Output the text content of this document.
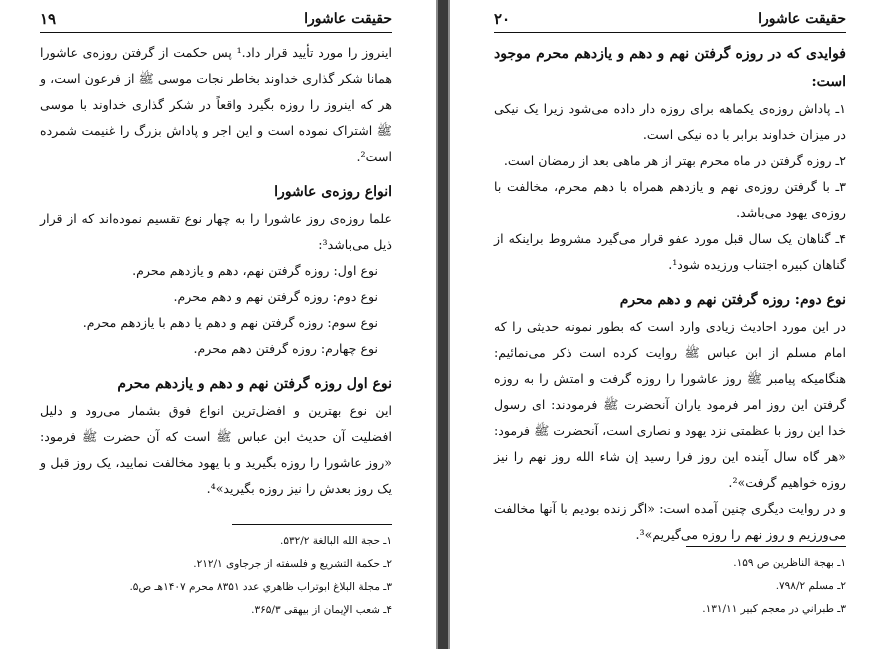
حقیقت عاشورا
۱۹

اینروز را مورد تأیید قرار داد.¹ پس حکمت از گرفتن روزه‌ی عاشورا همانا شکر گذاری خداوند بخاطر نجات موسی ﷺ از فرعون است، و هر که اینروز را روزه بگیرد واقعاً در شکر گذاری خداوند با موسی ﷺ اشتراک نموده است و این اجر و پاداش بزرگ را غنیمت شمرده است².

انواع روزه‌ی عاشورا

علما روزه‌ی روز عاشورا را به چهار نوع تقسیم نموده‌اند که از قرار ذیل می‌باشد³:

نوع اول: روزه گرفتن نهم، دهم و یازدهم محرم.

نوع دوم: روزه گرفتن نهم و دهم محرم.

نوع سوم: روزه گرفتن نهم و دهم یا دهم با یازدهم محرم.

نوع چهارم: روزه گرفتن دهم محرم.

نوع اول روزه گرفتن نهم و دهم و یازدهم محرم

این نوع بهترین و افضل‌ترین انواع فوق بشمار می‌رود و دلیل افضلیت آن حدیث ابن عباس ﷺ است که آن حضرت ﷺ فرمود: «روز عاشورا را روزه بگیرید و با یهود مخالفت نمایید، یک روز قبل و یک روز بعدش را نیز روزه بگیرید»⁴.

۱ـ حجة الله البالغة ۵۳۲/۲.
۲ـ حکمة التشریع و فلسفته از جرجاوی ۲۱۲/۱.
۳ـ مجلة البلاغ ابوتراب ظاهري عدد ۸۳۵۱ محرم ۱۴۰۷هـ ص۵.
۴ـ شعب الإيمان از بیهقی ۳۶۵/۳.
حقیقت عاشورا
۲۰
فوایدی که در روزه گرفتن نهم و دهم و یازدهم محرم موجود است:

۱ـ پاداش روزه‌ی یکماهه برای روزه دار داده می‌شود زیرا یک نیکی در میزان خداوند برابر با ده نیکی است.

۲ـ روزه گرفتن در ماه محرم بهتر از هر ماهی بعد از رمضان است.

۳ـ با گرفتن روزه‌ی نهم و یازدهم همراه با دهم محرم، مخالفت با روزه‌ی یهود می‌باشد.

۴ـ گناهان یک سال قبل مورد عفو قرار می‌گیرد مشروط براینکه از گناهان کبیره اجتناب ورزیده شود¹.

نوع دوم: روزه گرفتن نهم و دهم محرم

در این مورد احادیث زیادی وارد است که بطور نمونه حدیثی را که امام مسلم از ابن عباس ﷺ روایت کرده است ذکر می‌نمائیم: هنگامیکه پیامبر ﷺ روز عاشورا را روزه گرفت و امتش را به روزه گرفتن این روز امر فرمود یاران آنحضرت ﷺ فرمودند: ای رسول خدا این روز با عظمتی نزد یهود و نصاری است، آنحضرت ﷺ فرمود: «هر گاه سال آینده این روز فرا رسید إن شاء الله روز نهم را نیز روزه خواهیم گرفت»².

و در روایت دیگری چنین آمده است: «اگر زنده بودیم با آنها مخالفت می‌ورزیم و روز نهم را روزه می‌گیریم»³.

۱ـ بهجة الناظرين ص ۱۵۹.
۲ـ مسلم ۷۹۸/۲.
۳ـ طبراني در معجم كبير ۱۳۱/۱۱.
